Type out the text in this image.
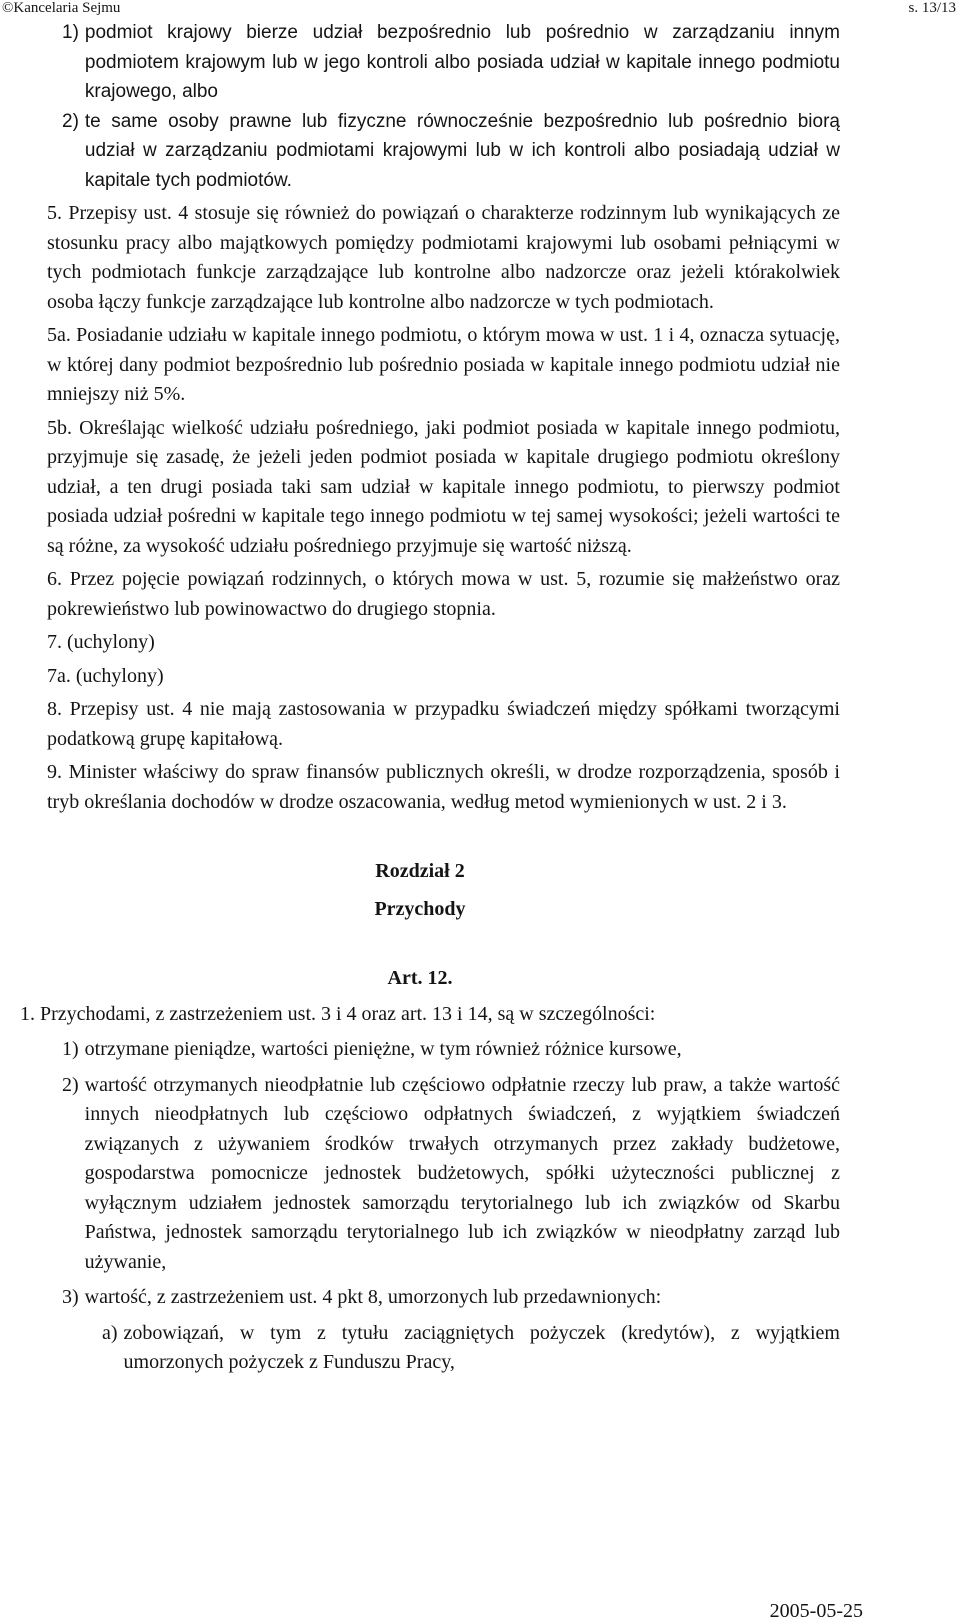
©Kancelaria Sejmu	s. 13/13
1) podmiot krajowy bierze udział bezpośrednio lub pośrednio w zarządzaniu innym podmiotem krajowym lub w jego kontroli albo posiada udział w kapitale innego podmiotu krajowego, albo
2) te same osoby prawne lub fizyczne równocześnie bezpośrednio lub pośrednio biorą udział w zarządzaniu podmiotami krajowymi lub w ich kontroli albo posiadają udział w kapitale tych podmiotów.
5. Przepisy ust. 4 stosuje się również do powiązań o charakterze rodzinnym lub wynikających ze stosunku pracy albo majątkowych pomiędzy podmiotami krajowymi lub osobami pełniącymi w tych podmiotach funkcje zarządzające lub kontrolne albo nadzorcze oraz jeżeli którakolwiek osoba łączy funkcje zarządzające lub kontrolne albo nadzorcze w tych podmiotach.
5a. Posiadanie udziału w kapitale innego podmiotu, o którym mowa w ust. 1 i 4, oznacza sytuację, w której dany podmiot bezpośrednio lub pośrednio posiada w kapitale innego podmiotu udział nie mniejszy niż 5%.
5b. Określając wielkość udziału pośredniego, jaki podmiot posiada w kapitale innego podmiotu, przyjmuje się zasadę, że jeżeli jeden podmiot posiada w kapitale drugiego podmiotu określony udział, a ten drugi posiada taki sam udział w kapitale innego podmiotu, to pierwszy podmiot posiada udział pośredni w kapitale tego innego podmiotu w tej samej wysokości; jeżeli wartości te są różne, za wysokość udziału pośredniego przyjmuje się wartość niższą.
6. Przez pojęcie powiązań rodzinnych, o których mowa w ust. 5, rozumie się małżeństwo oraz pokrewieństwo lub powinowactwo do drugiego stopnia.
7. (uchylony)
7a. (uchylony)
8. Przepisy ust. 4 nie mają zastosowania w przypadku świadczeń między spółkami tworzącymi podatkową grupę kapitałową.
9. Minister właściwy do spraw finansów publicznych określi, w drodze rozporządzenia, sposób i tryb określania dochodów w drodze oszacowania, według metod wymienionych w ust. 2 i 3.
Rozdział 2
Przychody
Art. 12.
1. Przychodami, z zastrzeżeniem ust. 3 i 4 oraz art. 13 i 14, są w szczególności:
1) otrzymane pieniądze, wartości pieniężne, w tym również różnice kursowe,
2) wartość otrzymanych nieodpłatnie lub częściowo odpłatnie rzeczy lub praw, a także wartość innych nieodpłatnych lub częściowo odpłatnych świadczeń, z wyjątkiem świadczeń związanych z używaniem środków trwałych otrzymanych przez zakłady budżetowe, gospodarstwa pomocnicze jednostek budżetowych, spółki użyteczności publicznej z wyłącznym udziałem jednostek samorządu terytorialnego lub ich związków od Skarbu Państwa, jednostek samorządu terytorialnego lub ich związków w nieodpłatny zarząd lub używanie,
3) wartość, z zastrzeżeniem ust. 4 pkt 8, umorzonych lub przedawnionych:
a) zobowiązań, w tym z tytułu zaciągniętych pożyczek (kredytów), z wyjątkiem umorzonych pożyczek z Funduszu Pracy,
2005-05-25
